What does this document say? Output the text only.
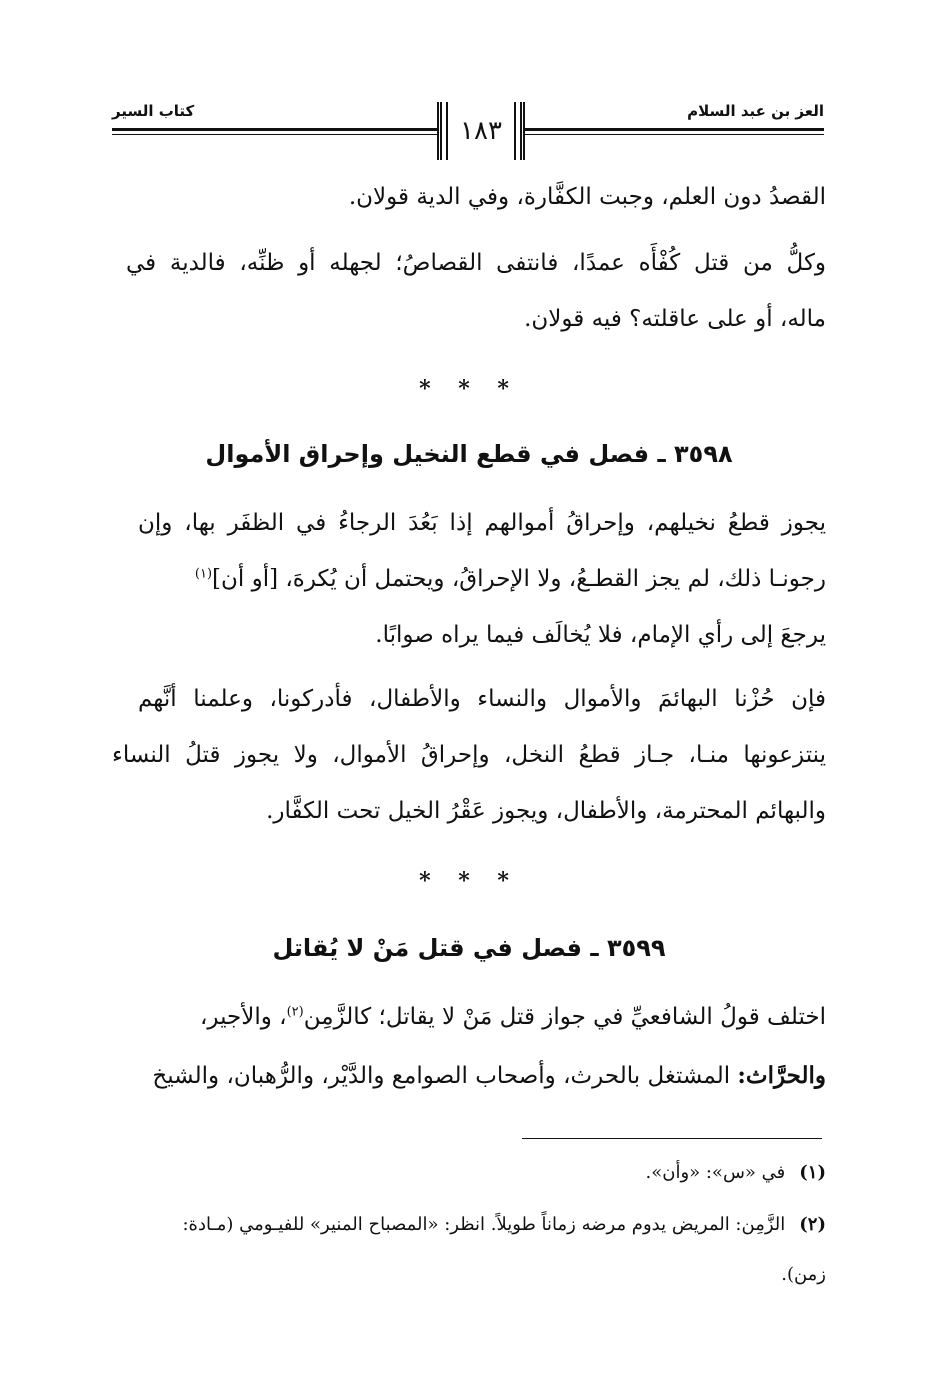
العز بن عبد السلام
كتاب السير
١٨٣
القصدُ دون العلم، وجبت الكفَّارة، وفي الدية قولان.
وكلُّ من قتل كُفْأَه عمدًا، فانتفى القصاصُ؛ لجهله أو ظنِّه، فالدية في
ماله، أو على عاقلته؟ فيه قولان.
* * *
٣٥٩٨ ـ فصل في قطع النخيل وإحراق الأموال
يجوز قطعُ نخيلهم، وإحراقُ أموالهم إذا بَعُدَ الرجاءُ في الظفَر بها، وإن
رجونـا ذلك، لم يجز القطـعُ، ولا الإحراقُ، ويحتمل أن يُكرهَ، [أو أن]$^{(١)}$
يرجعَ إلى رأي الإمام، فلا يُخالَف فيما يراه صوابًا.
فإن حُزْنا البهائمَ والأموال والنساء والأطفال، فأدركونا، وعلمنا أنَّهم
ينتزعونها منـا، جـاز قطعُ النخل، وإحراقُ الأموال، ولا يجوز قتلُ النساء
والبهائم المحترمة، والأطفال، ويجوز عَقْرُ الخيل تحت الكفَّار.
* * *
٣٥٩٩ ـ فصل في قتل مَنْ لا يُقاتل
اختلف قولُ الشافعيِّ في جواز قتل مَنْ لا يقاتل؛ كالزَّمِن$^{(٢)}$، والأجير،
والحرَّاث: المشتغل بالحرث، وأصحاب الصوامع والدَّيْر، والرُّهبان، والشيخ
(١)في «س»: «وأن».
(٢)الزَّمِن: المريض يدوم مرضه زماناً طويلاً. انظر: «المصباح المنير» للفيـومي (مـادة:
زمن).
